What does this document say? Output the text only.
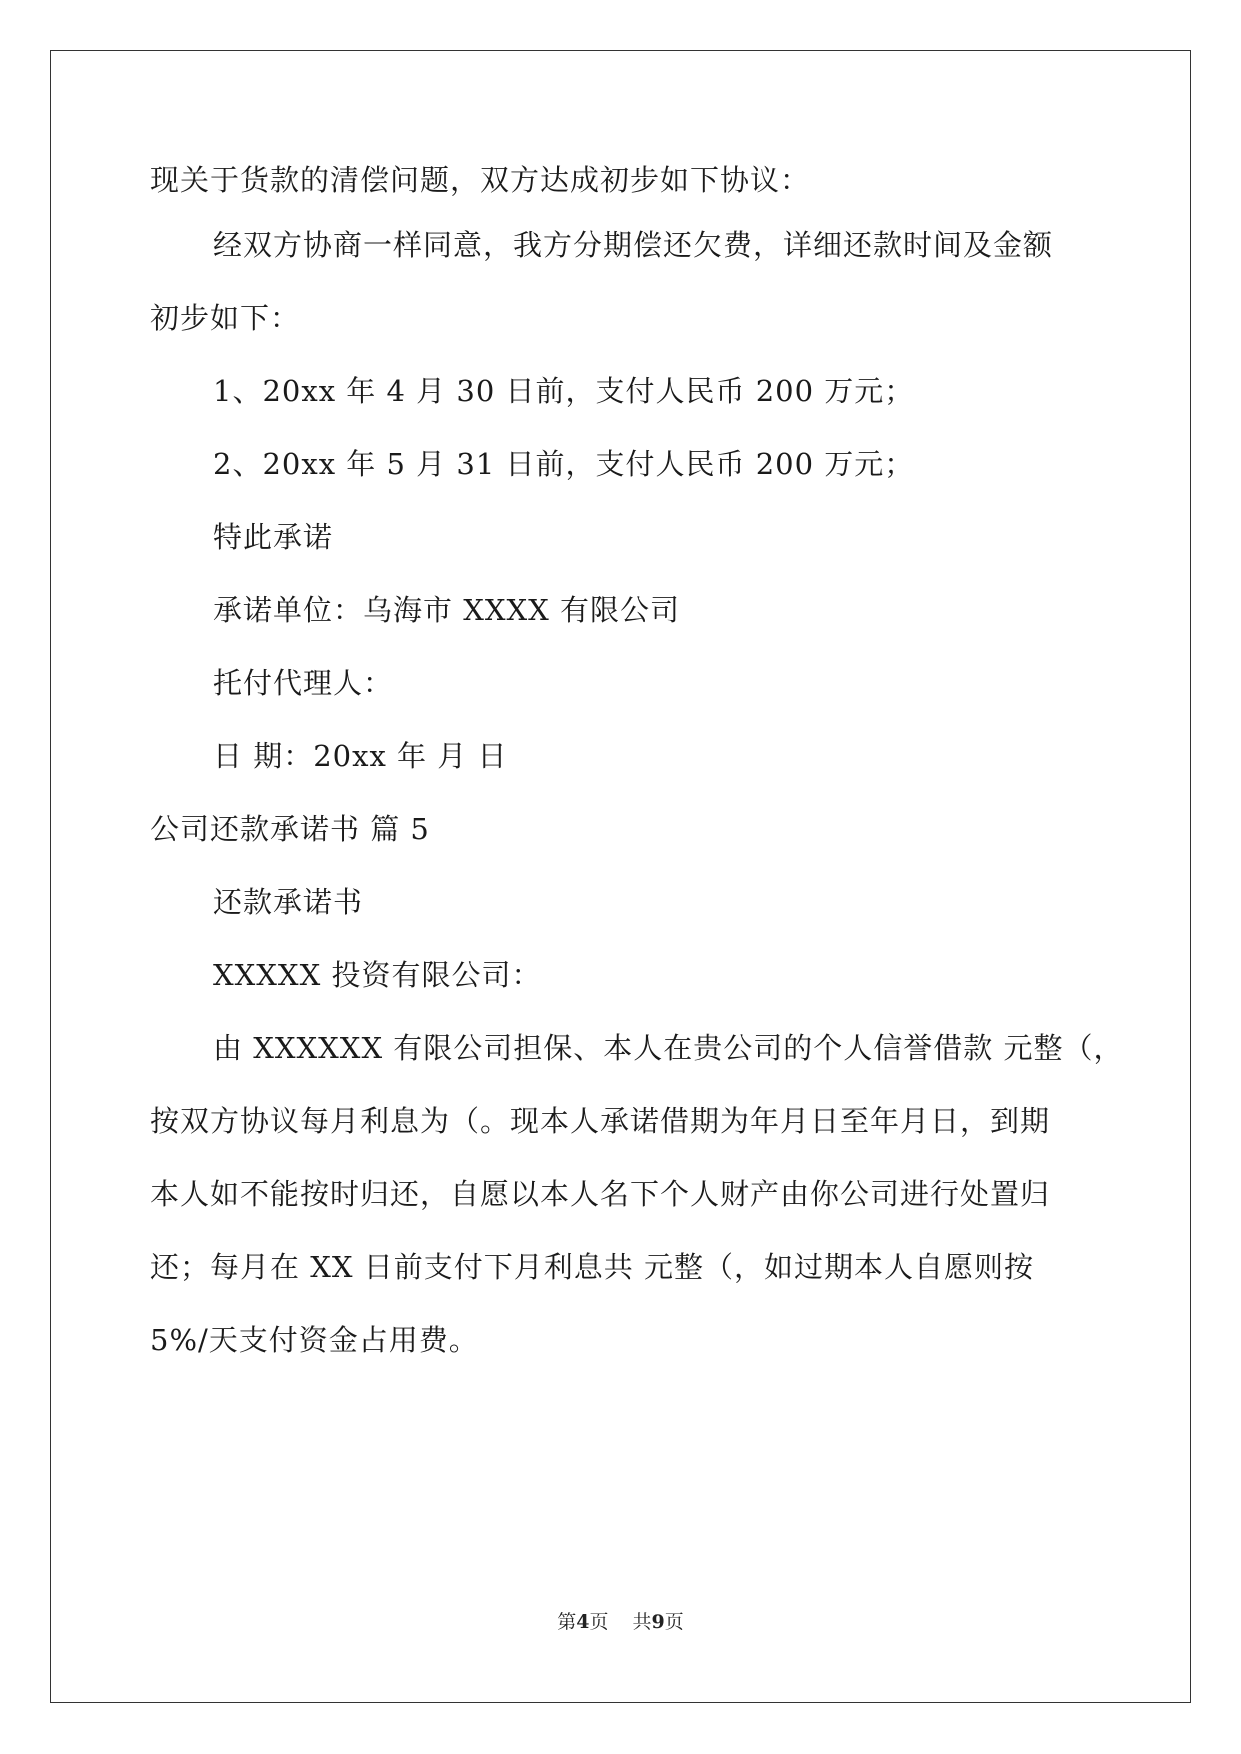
现关于货款的清偿问题，双方达成初步如下协议：
经双方协商一样同意，我方分期偿还欠费，详细还款时间及金额
初步如下：
1、20xx 年 4 月 30 日前，支付人民币 200 万元；
2、20xx 年 5 月 31 日前，支付人民币 200 万元；
特此承诺
承诺单位：乌海市 XXXX 有限公司
托付代理人：
日 期：20xx 年 月 日
公司还款承诺书 篇 5
还款承诺书
XXXXX 投资有限公司：
由 XXXXXX 有限公司担保、本人在贵公司的个人信誉借款 元整（，
按双方协议每月利息为（。现本人承诺借期为年月日至年月日，到期
本人如不能按时归还，自愿以本人名下个人财产由你公司进行处置归
还；每月在 XX 日前支付下月利息共 元整（，如过期本人自愿则按
5%/天支付资金占用费。
第4页 共9页
